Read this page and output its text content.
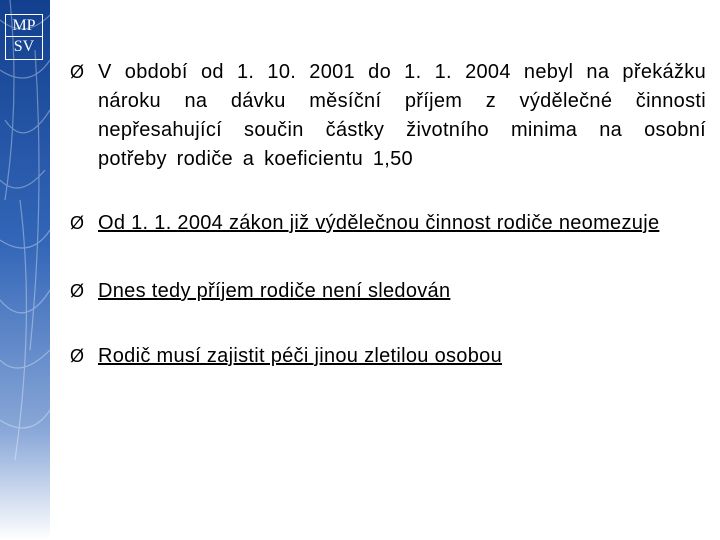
MP
SV
Ø V období od 1. 10. 2001 do 1. 1. 2004 nebyl na překážku nároku na dávku měsíční příjem z výdělečné činnosti nepřesahující součin částky životního minima na osobní potřeby rodiče a koeficientu 1,50
Ø Od 1. 1. 2004 zákon již výdělečnou činnost rodiče neomezuje
Ø Dnes tedy příjem rodiče není sledován
Ø Rodič musí zajistit péči jinou zletilou osobou
